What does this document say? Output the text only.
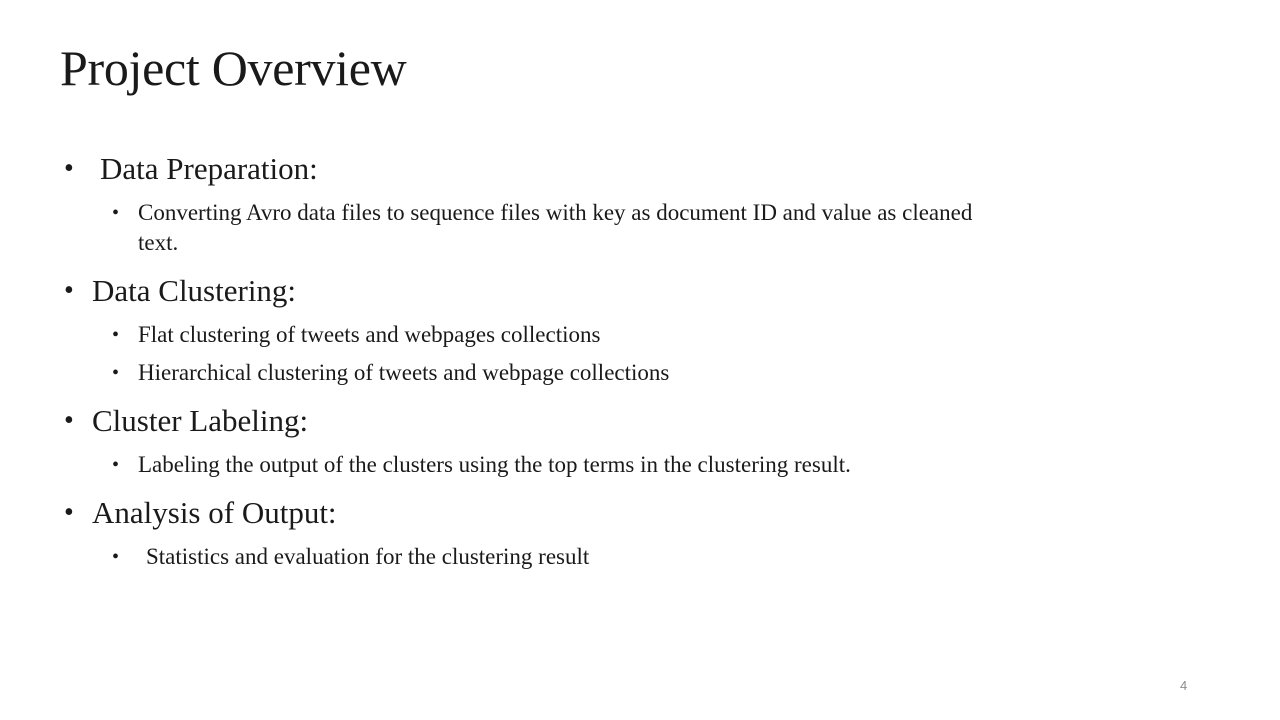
Project Overview
• Data Preparation:
• Converting Avro data files to sequence files with key as document ID and value as cleaned text.
• Data Clustering:
• Flat clustering of tweets and webpages collections
• Hierarchical clustering of tweets and webpage collections
• Cluster Labeling:
• Labeling the output of the clusters using the top terms in the clustering result.
• Analysis of Output:
• Statistics and evaluation for the clustering result
4
